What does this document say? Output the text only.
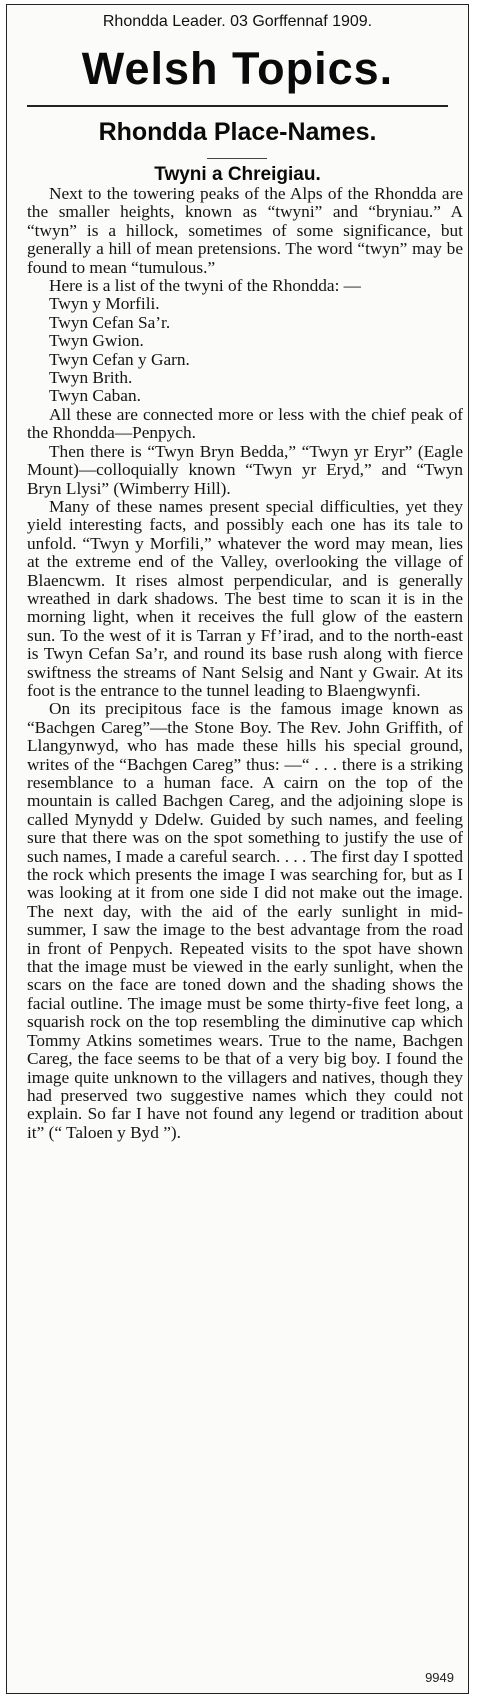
Rhondda Leader. 03 Gorffennaf 1909.
Welsh Topics.
Rhondda Place-Names.
Twyni a Chreigiau.

Next to the towering peaks of the Alps of the Rhondda are the smaller heights, known as “twyni” and “bryniau.” A “twyn” is a hillock, sometimes of some significance, but generally a hill of mean pretensions. The word “twyn” may be found to mean “tumulous.”

Here is a list of the twyni of the Rhondda: —

Twyn y Morfili.
Twyn Cefan Sa’r.
Twyn Gwion.
Twyn Cefan y Garn.
Twyn Brith.
Twyn Caban.

All these are connected more or less with the chief peak of the Rhondda—Penpych.

Then there is “Twyn Bryn Bedda,” “Twyn yr Eryr” (Eagle Mount)—colloquially known “Twyn yr Eryd,” and “Twyn Bryn Llysi” (Wimberry Hill).

Many of these names present special difficulties, yet they yield interesting facts, and possibly each one has its tale to unfold. “Twyn y Morfili,” whatever the word may mean, lies at the extreme end of the Valley, overlooking the village of Blaencwm. It rises almost perpendicular, and is generally wreathed in dark shadows. The best time to scan it is in the morning light, when it receives the full glow of the eastern sun. To the west of it is Tarran y Ff’irad, and to the north-east is Twyn Cefan Sa’r, and round its base rush along with fierce swiftness the streams of Nant Selsig and Nant y Gwair. At its foot is the entrance to the tunnel leading to Blaengwynfi.

On its precipitous face is the famous image known as “Bachgen Careg”—the Stone Boy. The Rev. John Griffith, of Llangynwyd, who has made these hills his special ground, writes of the “Bachgen Careg” thus: —“ . . . there is a striking resemblance to a human face. A cairn on the top of the mountain is called Bachgen Careg, and the adjoining slope is called Mynydd y Ddelw. Guided by such names, and feeling sure that there was on the spot something to justify the use of such names, I made a careful search. . . . The first day I spotted the rock which presents the image I was searching for, but as I was looking at it from one side I did not make out the image. The next day, with the aid of the early sunlight in mid-summer, I saw the image to the best advantage from the road in front of Penpych. Repeated visits to the spot have shown that the image must be viewed in the early sunlight, when the scars on the face are toned down and the shading shows the facial outline. The image must be some thirty-five feet long, a squarish rock on the top resembling the diminutive cap which Tommy Atkins sometimes wears. True to the name, Bachgen Careg, the face seems to be that of a very big boy. I found the image quite unknown to the villagers and natives, though they had preserved two suggestive names which they could not explain. So far I have not found any legend or tradition about it” (“ Taloen y Byd ”).

9949
